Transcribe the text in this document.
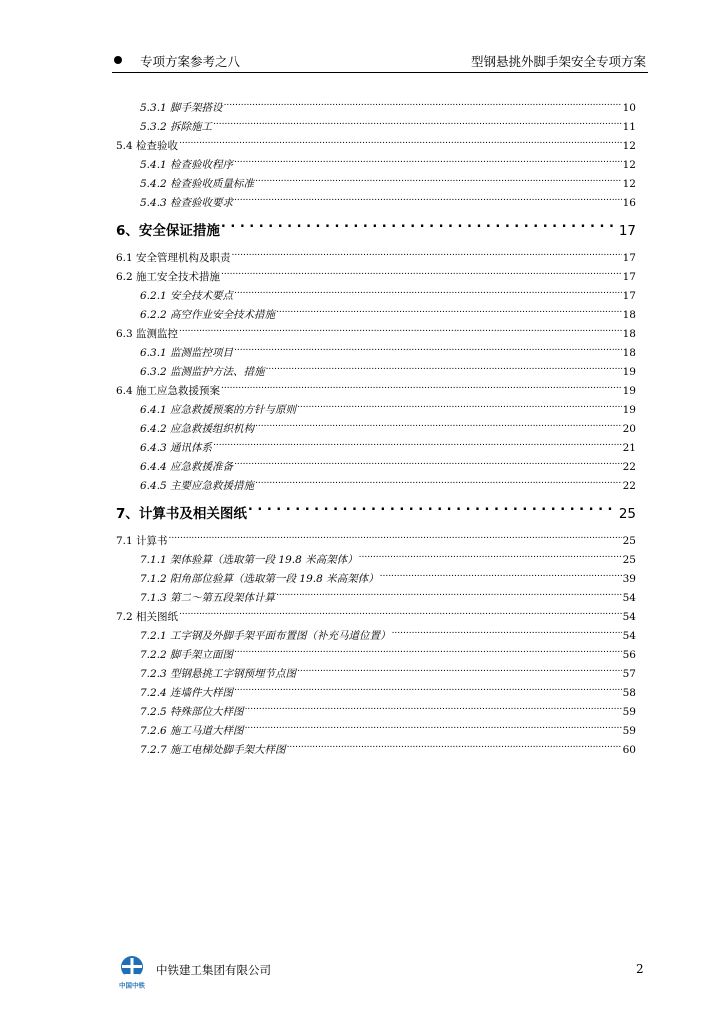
专项方案参考之八	型钢悬挑外脚手架安全专项方案
5.3.1 脚手架搭设 .....	10
5.3.2 拆除施工 .....	11
5.4 检查验收 .....	12
5.4.1 检查验收程序 .....	12
5.4.2 检查验收质量标准 .....	12
5.4.3 检查验收要求 .....	16
6、安全保证措施 . . .	17
6.1 安全管理机构及职责 .....	17
6.2 施工安全技术措施 .....	17
6.2.1 安全技术要点 .....	17
6.2.2 高空作业安全技术措施 .....	18
6.3 监测监控 .....	18
6.3.1 监测监控项目 .....	18
6.3.2 监测监护方法、措施 .....	19
6.4 施工应急救援预案 .....	19
6.4.1 应急救援预案的方针与原则 .....	19
6.4.2 应急救援组织机构 .....	20
6.4.3 通讯体系 .....	21
6.4.4 应急救援准备 .....	22
6.4.5 主要应急救援措施 .....	22
7、计算书及相关图纸 . . .	25
7.1 计算书 .....	25
7.1.1 架体验算（选取第一段 19.8 米高架体） .....	25
7.1.2 阳角部位验算（选取第一段 19.8 米高架体） .....	39
7.1.3 第二～第五段架体计算 .....	54
7.2 相关图纸 .....	54
7.2.1 工字钢及外脚手架平面布置图（补充马道位置） .....	54
7.2.2 脚手架立面图 .....	56
7.2.3 型钢悬挑工字钢预埋节点图 .....	57
7.2.4 连墙件大样图 .....	58
7.2.5 特殊部位大样图 .....	59
7.2.6 施工马道大样图 .....	59
7.2.7 施工电梯处脚手架大样图 .....	60
中国中铁
中铁建工集团有限公司	2
